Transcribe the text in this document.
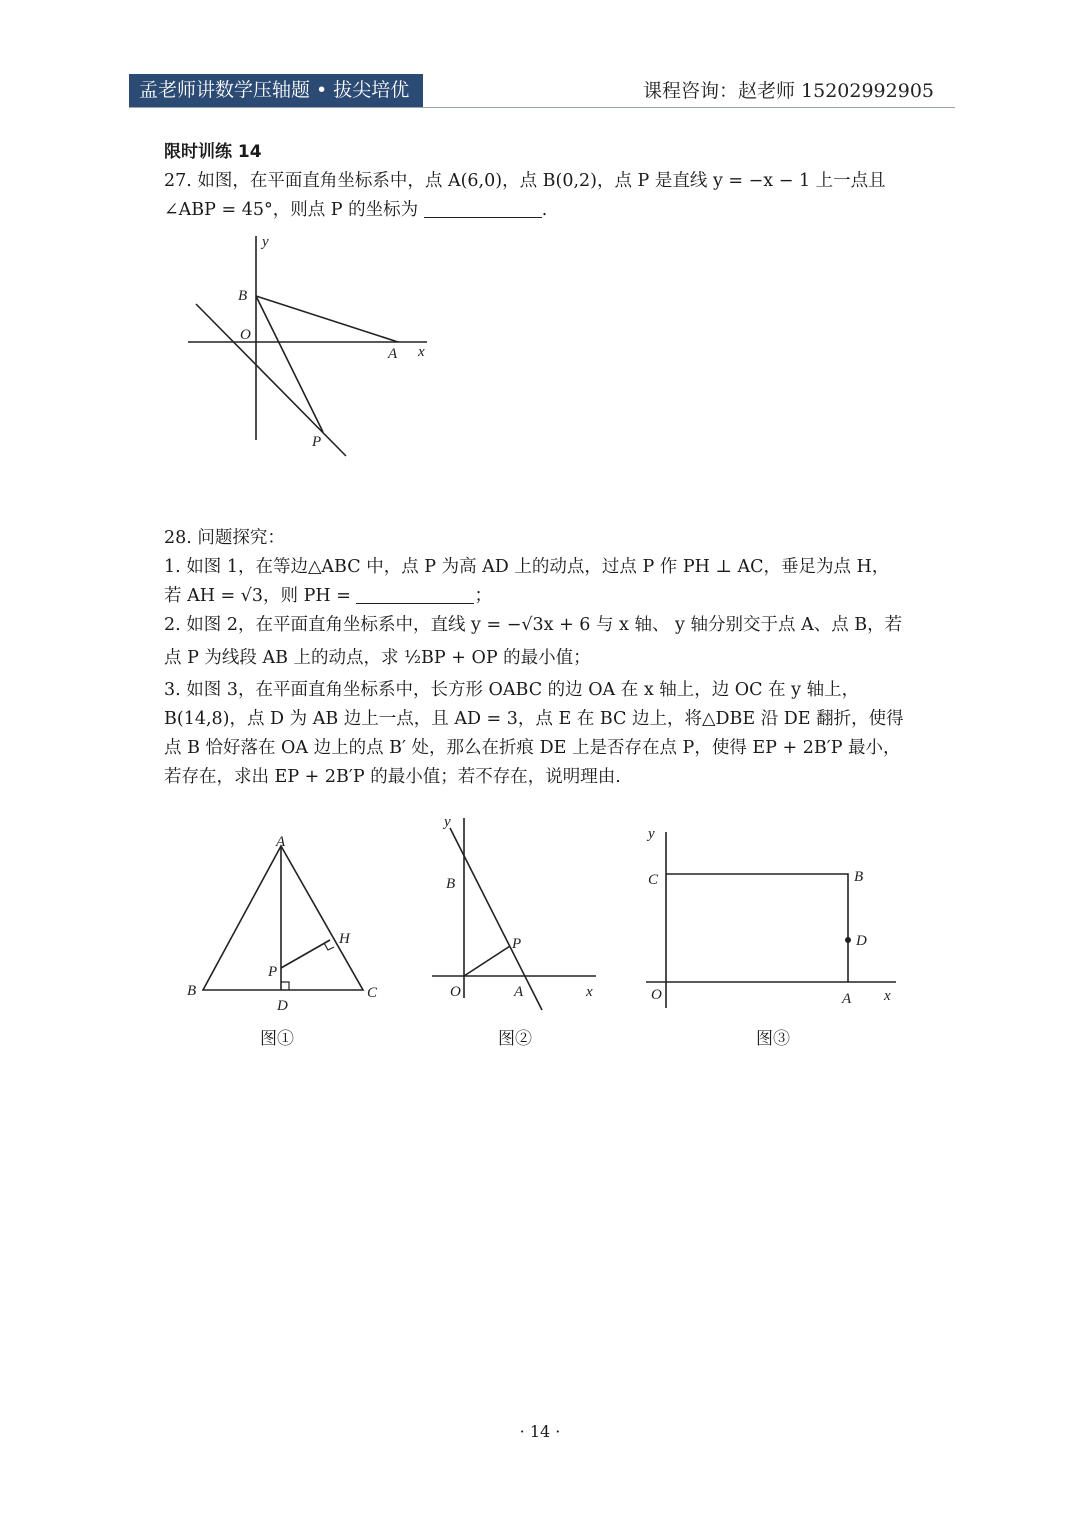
孟老师讲数学压轴题 • 拔尖培优	课程咨询：赵老师 15202992905

限时训练 14

27. 如图，在平面直角坐标系中，点 A(6,0)，点 B(0,2)，点 P 是直线 y = −x − 1 上一点且

∠ABP = 45°，则点 P 的坐标为	.

y
B
O
A x
P

28. 问题探究：

1. 如图 1，在等边△ABC 中，点 P 为高 AD 上的动点，过点 P 作 PH ⊥ AC，垂足为点 H，

若 AH = √3，则 PH =	；

2. 如图 2，在平面直角坐标系中，直线 y = −√3x + 6 与 x 轴、 y 轴分别交于点 A、点 B，若

点 P 为线段 AB 上的动点，求 ½BP + OP 的最小值；

3. 如图 3，在平面直角坐标系中，长方形 OABC 的边 OA 在 x 轴上，边 OC 在 y 轴上，

B(14,8)，点 D 为 AB 边上一点，且 AD = 3，点 E 在 BC 边上，将△DBE 沿 DE 翻折，使得

点 B 恰好落在 OA 边上的点 B′ 处，那么在折痕 DE 上是否存在点 P，使得 EP + 2B′P 最小，

若存在，求出 EP + 2B′P 的最小值；若不存在，说明理由.

A
H
P
B
D
C
图①
y
B
P
O	A	x
图②
y
C	B
D
O	A x
图③
· 14 ·
